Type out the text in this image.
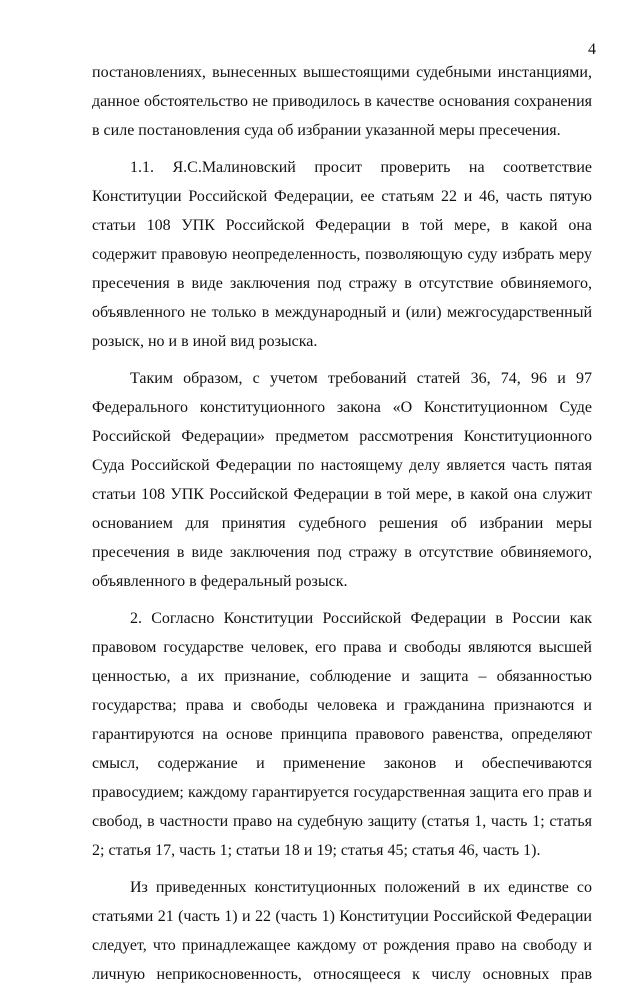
4

постановлениях, вынесенных вышестоящими судебными инстанциями, данное обстоятельство не приводилось в качестве основания сохранения в силе постановления суда об избрании указанной меры пресечения.

1.1. Я.С.Малиновский просит проверить на соответствие Конституции Российской Федерации, ее статьям 22 и 46, часть пятую статьи 108 УПК Российской Федерации в той мере, в какой она содержит правовую неопределенность, позволяющую суду избрать меру пресечения в виде заключения под стражу в отсутствие обвиняемого, объявленного не только в международный и (или) межгосударственный розыск, но и в иной вид розыска.

Таким образом, с учетом требований статей 36, 74, 96 и 97 Федерального конституционного закона «О Конституционном Суде Российской Федерации» предметом рассмотрения Конституционного Суда Российской Федерации по настоящему делу является часть пятая статьи 108 УПК Российской Федерации в той мере, в какой она служит основанием для принятия судебного решения об избрании меры пресечения в виде заключения под стражу в отсутствие обвиняемого, объявленного в федеральный розыск.

2. Согласно Конституции Российской Федерации в России как правовом государстве человек, его права и свободы являются высшей ценностью, а их признание, соблюдение и защита – обязанностью государства; права и свободы человека и гражданина признаются и гарантируются на основе принципа правового равенства, определяют смысл, содержание и применение законов и обеспечиваются правосудием; каждому гарантируется государственная защита его прав и свобод, в частности право на судебную защиту (статья 1, часть 1; статья 2; статья 17, часть 1; статьи 18 и 19; статья 45; статья 46, часть 1).

Из приведенных конституционных положений в их единстве со статьями 21 (часть 1) и 22 (часть 1) Конституции Российской Федерации следует, что принадлежащее каждому от рождения право на свободу и личную неприкосновенность, относящееся к числу основных прав
